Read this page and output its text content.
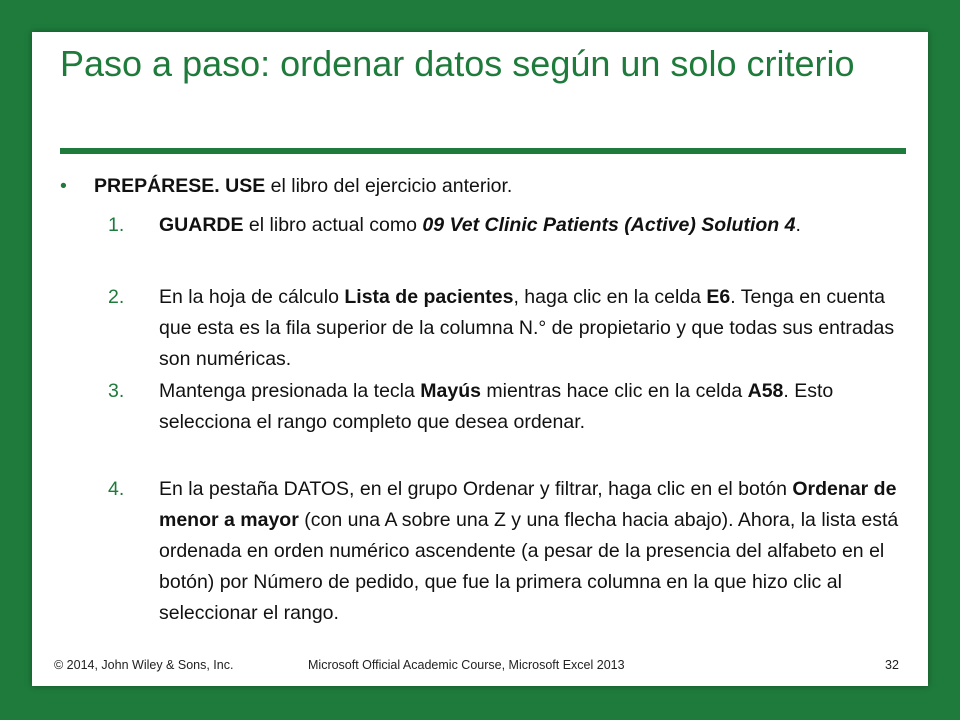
Paso a paso: ordenar datos según un solo criterio
• PREPÁRESE. USE el libro del ejercicio anterior.
1. GUARDE el libro actual como 09 Vet Clinic Patients (Active) Solution 4.
2. En la hoja de cálculo Lista de pacientes, haga clic en la celda E6. Tenga en cuenta que esta es la fila superior de la columna N.° de propietario y que todas sus entradas son numéricas.
3. Mantenga presionada la tecla Mayús mientras hace clic en la celda A58. Esto selecciona el rango completo que desea ordenar.
4. En la pestaña DATOS, en el grupo Ordenar y filtrar, haga clic en el botón Ordenar de menor a mayor (con una A sobre una Z y una flecha hacia abajo). Ahora, la lista está ordenada en orden numérico ascendente (a pesar de la presencia del alfabeto en el botón) por Número de pedido, que fue la primera columna en la que hizo clic al seleccionar el rango.
© 2014, John Wiley & Sons, Inc.	Microsoft Official Academic Course, Microsoft Excel 2013	32
